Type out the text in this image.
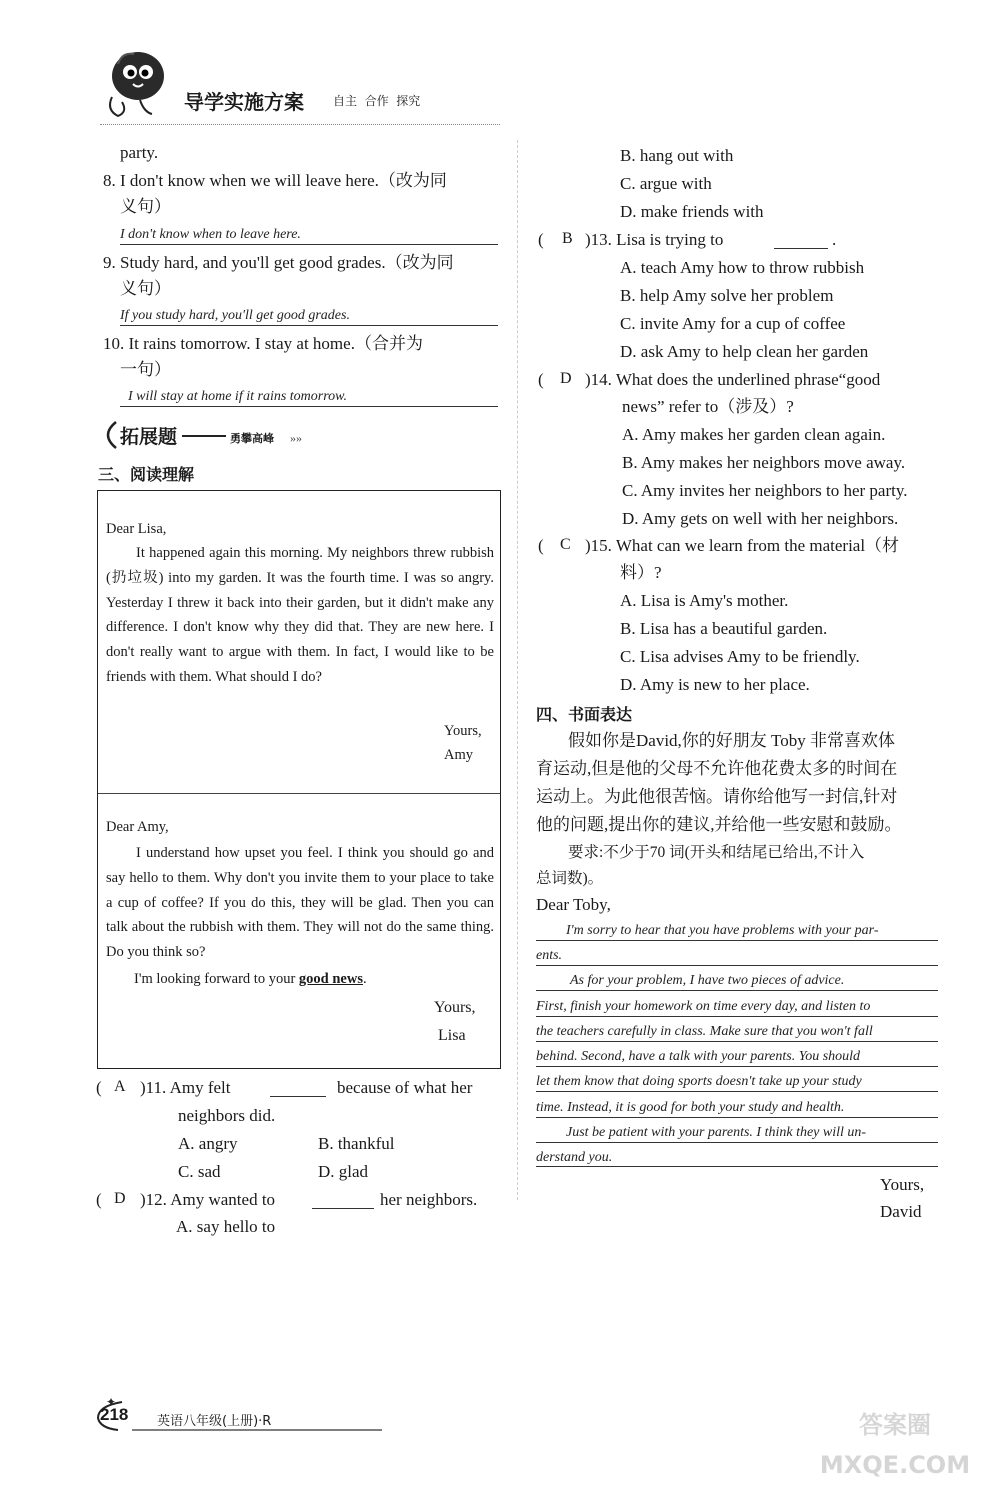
导学实施方案 自主  合作  探究
party.
8. I don't know when we will leave here.（改为同
义句）
I don't know when to leave here.
9. Study hard, and you'll get good grades.（改为同
义句）
If you study hard, you'll get good grades.
10. It rains tomorrow. I stay at home.（合并为
一句）
I will stay at home if it rains tomorrow.
»»
拓展题	勇攀高峰
三、阅读理解
Dear Lisa,
It happened again this morning. My neighbors threw rubbish (扔垃圾) into my garden. It was the fourth time. I was so angry. Yesterday I threw it back into their garden, but it didn't make any difference. I don't know why they did that. They are new here. I don't really want to argue with them. In fact, I would like to be friends with them. What should I do?
Yours,
Amy
Dear Amy,
I understand how upset you feel. I think you should go and say hello to them. Why don't you invite them to your place to take a cup of coffee? If you do this, they will be glad. Then you can talk about the rubbish with them. They will not do the same thing. Do you think so?
I'm looking forward to your good news.
Yours,
Lisa
( A )11. Amy felt	because of what her
neighbors did.
A. angry	B. thankful
C. sad	D. glad
( D )12. Amy wanted to	her neighbors.
A. say hello to
B. hang out with
C. argue with
D. make friends with
( B )13. Lisa is trying to	.
A. teach Amy how to throw rubbish
B. help Amy solve her problem
C. invite Amy for a cup of coffee
D. ask Amy to help clean her garden
( D )14. What does the underlined phrase“good
news” refer to（涉及）?
A. Amy makes her garden clean again.
B. Amy makes her neighbors move away.
C. Amy invites her neighbors to her party.
D. Amy gets on well with her neighbors.
( C )15. What can we learn from the material（材
料）?
A. Lisa is Amy's mother.
B. Lisa has a beautiful garden.
C. Lisa advises Amy to be friendly.
D. Amy is new to her place.
四、书面表达
假如你是David,你的好朋友 Toby 非常喜欢体
育运动,但是他的父母不允许他花费太多的时间在
运动上。为此他很苦恼。请你给他写一封信,针对
他的问题,提出你的建议,并给他一些安慰和鼓励。
要求:不少于70 词(开头和结尾已给出,不计入
总词数)。
Dear Toby,
I'm sorry to hear that you have problems with your par-
ents.
As for your problem, I have two pieces of advice.
First, finish your homework on time every day, and listen to
the teachers carefully in class. Make sure that you won't fall
behind. Second, have a talk with your parents. You should
let them know that doing sports doesn't take up your study
time. Instead, it is good for both your study and health.
Just be patient with your parents. I think they will un-
derstand you.
Yours,
David
✦
218 英语八年级(上册)·R	答案圈 MXQE.COM
